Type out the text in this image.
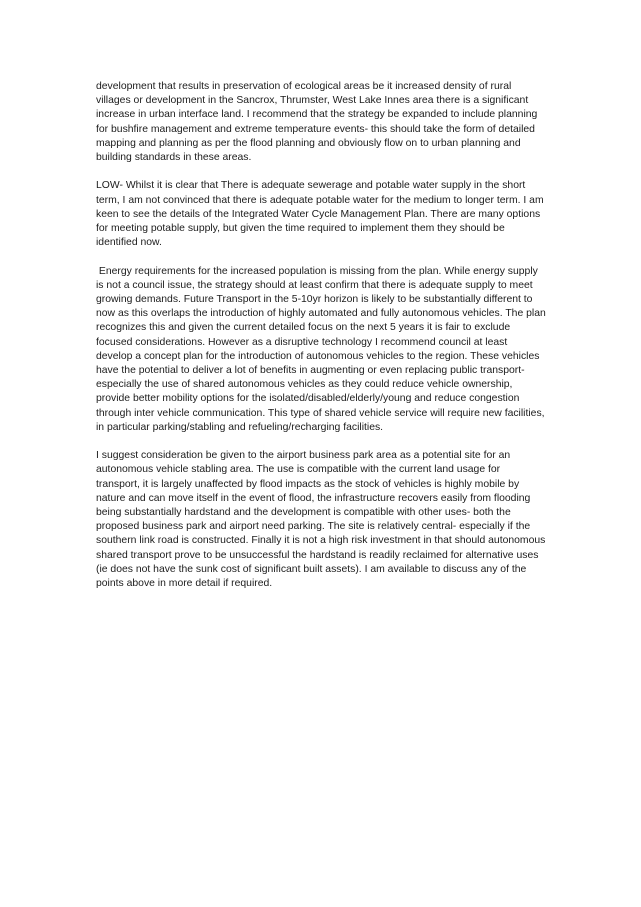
development that results in preservation of ecological areas be it increased density of rural villages or development in the Sancrox, Thrumster, West Lake Innes area there is a significant increase in urban interface land. I recommend that the strategy be expanded to include planning for bushfire management and extreme temperature events- this should take the form of detailed mapping and planning as per the flood planning and obviously flow on to urban planning and building standards in these areas.

LOW- Whilst it is clear that There is adequate sewerage and potable water supply in the short term, I am not convinced that there is adequate potable water for the medium to longer term. I am keen to see the details of the Integrated Water Cycle Management Plan. There are many options for meeting potable supply, but given the time required to implement them they should be identified now.

Energy requirements for the increased population is missing from the plan. While energy supply is not a council issue, the strategy should at least confirm that there is adequate supply to meet growing demands. Future Transport in the 5-10yr horizon is likely to be substantially different to now as this overlaps the introduction of highly automated and fully autonomous vehicles. The plan recognizes this and given the current detailed focus on the next 5 years it is fair to exclude focused considerations. However as a disruptive technology I recommend council at least develop a concept plan for the introduction of autonomous vehicles to the region. These vehicles have the potential to deliver a lot of benefits in augmenting or even replacing public transport- especially the use of shared autonomous vehicles as they could reduce vehicle ownership, provide better mobility options for the isolated/disabled/elderly/young and reduce congestion through inter vehicle communication. This type of shared vehicle service will require new facilities, in particular parking/stabling and refueling/recharging facilities.

I suggest consideration be given to the airport business park area as a potential site for an autonomous vehicle stabling area. The use is compatible with the current land usage for transport, it is largely unaffected by flood impacts as the stock of vehicles is highly mobile by nature and can move itself in the event of flood, the infrastructure recovers easily from flooding being substantially hardstand and the development is compatible with other uses- both the proposed business park and airport need parking. The site is relatively central- especially if the southern link road is constructed. Finally it is not a high risk investment in that should autonomous shared transport prove to be unsuccessful the hardstand is readily reclaimed for alternative uses (ie does not have the sunk cost of significant built assets). I am available to discuss any of the points above in more detail if required.
